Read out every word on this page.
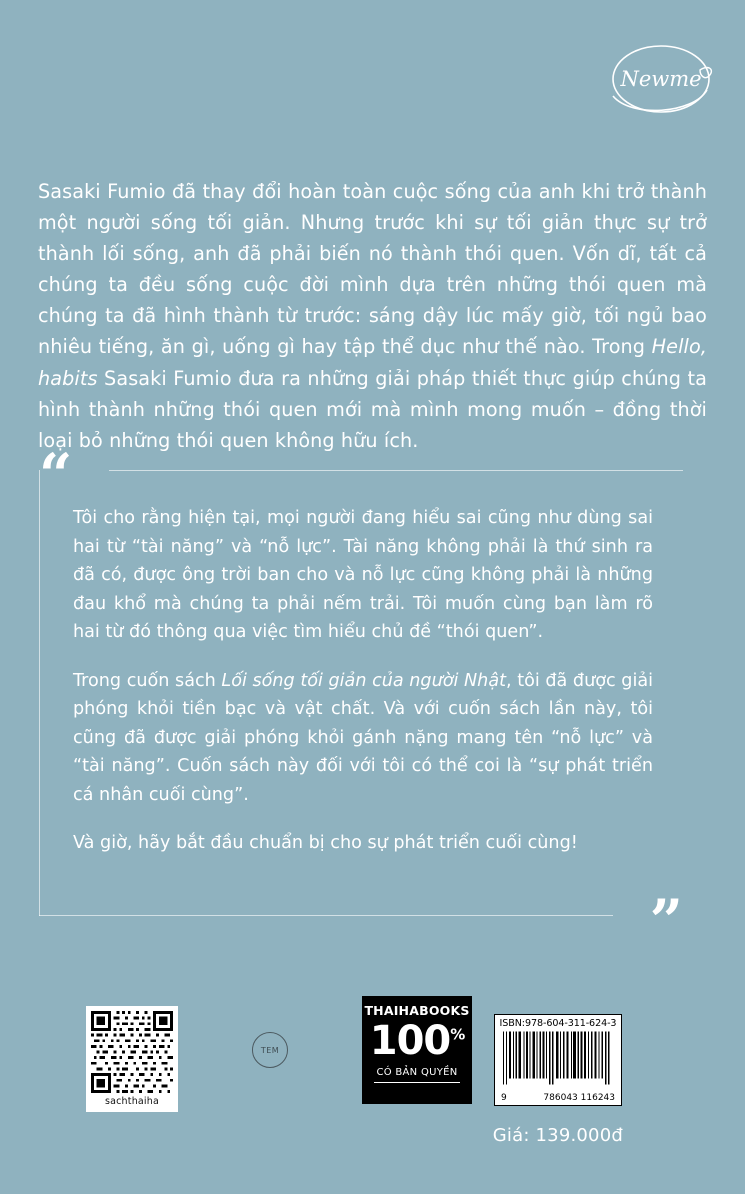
Newme
Sasaki Fumio đã thay đổi hoàn toàn cuộc sống của anh khi trở thành một người sống tối giản. Nhưng trước khi sự tối giản thực sự trở thành lối sống, anh đã phải biến nó thành thói quen. Vốn dĩ, tất cả chúng ta đều sống cuộc đời mình dựa trên những thói quen mà chúng ta đã hình thành từ trước: sáng dậy lúc mấy giờ, tối ngủ bao nhiêu tiếng, ăn gì, uống gì hay tập thể dục như thế nào. Trong Hello, habits Sasaki Fumio đưa ra những giải pháp thiết thực giúp chúng ta hình thành những thói quen mới mà mình mong muốn – đồng thời loại bỏ những thói quen không hữu ích.
“

Tôi cho rằng hiện tại, mọi người đang hiểu sai cũng như dùng sai hai từ “tài năng” và “nỗ lực”. Tài năng không phải là thứ sinh ra đã có, được ông trời ban cho và nỗ lực cũng không phải là những đau khổ mà chúng ta phải nếm trải. Tôi muốn cùng bạn làm rõ hai từ đó thông qua việc tìm hiểu chủ đề “thói quen”.

Trong cuốn sách Lối sống tối giản của người Nhật, tôi đã được giải phóng khỏi tiền bạc và vật chất. Và với cuốn sách lần này, tôi cũng đã được giải phóng khỏi gánh nặng mang tên “nỗ lực” và “tài năng”. Cuốn sách này đối với tôi có thể coi là “sự phát triển cá nhân cuối cùng”.

Và giờ, hãy bắt đầu chuẩn bị cho sự phát triển cuối cùng!

”
sachthaiha
TEM
THAIHABOOKS
100%
CÓ BẢN QUYỀN
ISBN:978-604-311-624-3
9	786043 116243
Giá: 139.000đ
